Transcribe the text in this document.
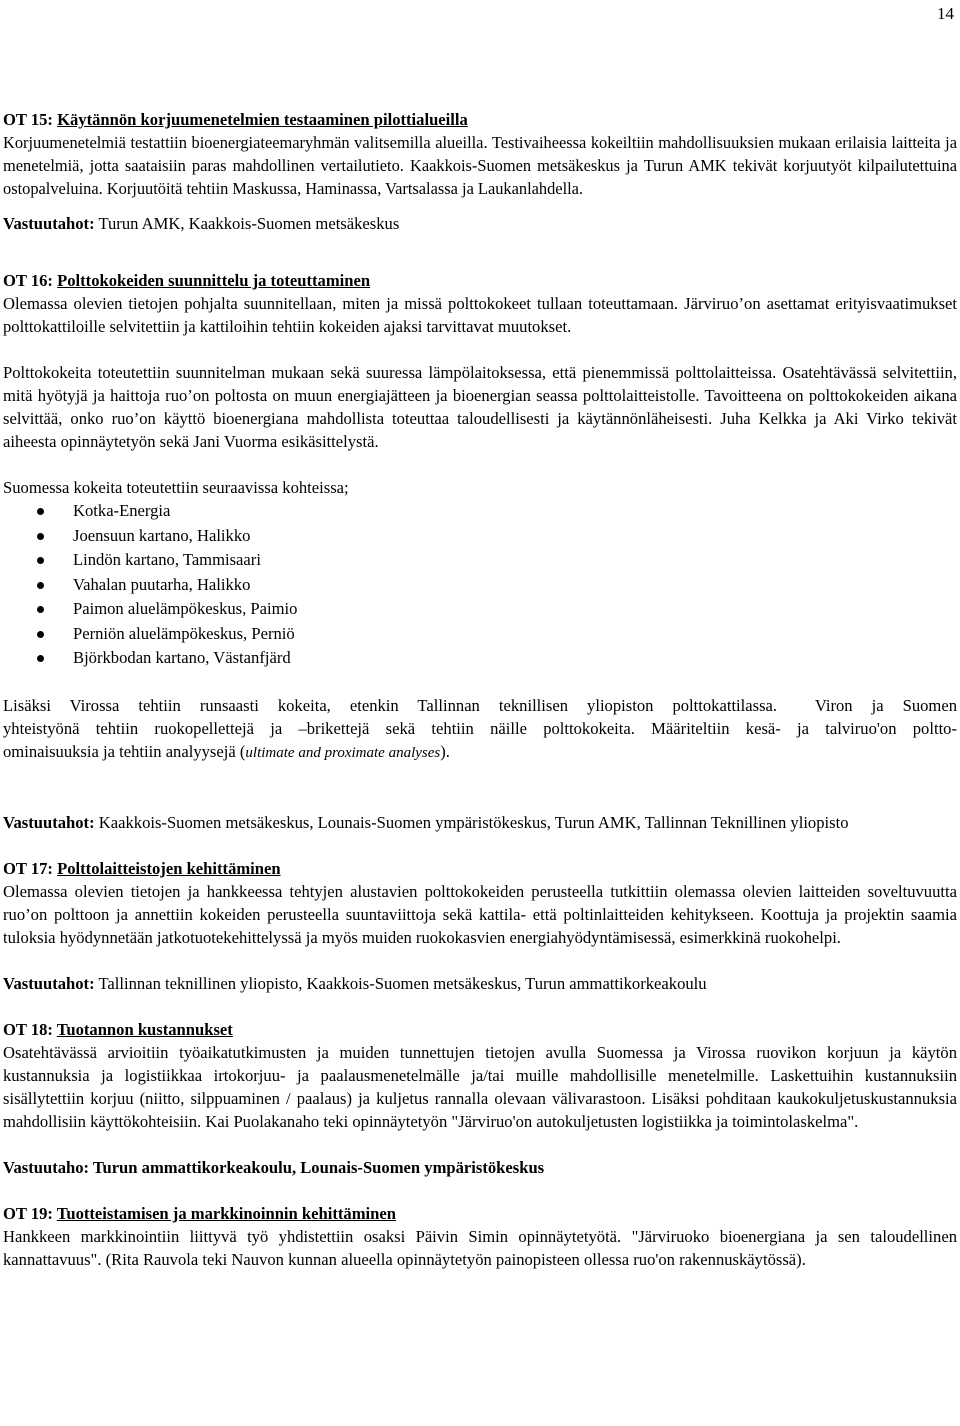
14

OT 15: Käytännön korjuumenetelmien testaaminen pilottialueilla

Korjuumenetelmiä testattiin bioenergiateemaryhmän valitsemilla alueilla. Testivaiheessa kokeiltiin mahdollisuuksien mukaan erilaisia laitteita ja menetelmiä, jotta saataisiin paras mahdollinen vertailutieto. Kaakkois-Suomen metsäkeskus ja Turun AMK tekivät korjuutyöt kilpailutettuina ostopalveluina. Korjuutöitä tehtiin Maskussa, Haminassa, Vartsalassa ja Laukanlahdella.

Vastuutahot: Turun AMK, Kaakkois-Suomen metsäkeskus

OT 16: Polttokokeiden suunnittelu ja toteuttaminen

Olemassa olevien tietojen pohjalta suunnitellaan, miten ja missä polttokokeet tullaan toteuttamaan. Järviruo’on asettamat erityisvaatimukset polttokattiloille selvitettiin ja kattiloihin tehtiin kokeiden ajaksi tarvittavat muutokset.

Polttokokeita toteutettiin suunnitelman mukaan sekä suuressa lämpölaitoksessa, että pienemmissä polttolaitteissa. Osatehtävässä selvitettiin, mitä hyötyjä ja haittoja ruo’on poltosta on muun energiajätteen ja bioenergian seassa polttolaitteistolle. Tavoitteena on polttokokeiden aikana selvittää, onko ruo’on käyttö bioenergiana mahdollista toteuttaa taloudellisesti ja käytännönläheisesti. Juha Kelkka ja Aki Virko tekivät aiheesta opinnäytetyön sekä Jani Vuorma esikäsittelystä.

Suomessa kokeita toteutettiin seuraavissa kohteissa;

Kotka-Energia
Joensuun kartano, Halikko
Lindön kartano, Tammisaari
Vahalan puutarha, Halikko
Paimon aluelämpökeskus, Paimio
Perniön aluelämpökeskus, Perniö
Björkbodan kartano, Västanfjärd

Lisäksi Virossa tehtiin runsaasti kokeita, etenkin Tallinnan teknillisen yliopiston polttokattilassa. Viron ja Suomen

yhteistyönä tehtiin ruokopellettejä ja –brikettejä sekä tehtiin näille polttokokeita. Määriteltiin kesä- ja talviruo'on poltto-

ominaisuuksia ja tehtiin analyysejä (ultimate and proximate analyses).

Vastuutahot: Kaakkois-Suomen metsäkeskus, Lounais-Suomen ympäristökeskus, Turun AMK, Tallinnan Teknillinen yliopisto

OT 17: Polttolaitteistojen kehittäminen

Olemassa olevien tietojen ja hankkeessa tehtyjen alustavien polttokokeiden perusteella tutkittiin olemassa olevien laitteiden soveltuvuutta ruo’on polttoon ja annettiin kokeiden perusteella suuntaviittoja sekä kattila- että poltinlaitteiden kehitykseen. Koottuja ja projektin saamia tuloksia hyödynnetään jatkotuotekehittelyssä ja myös muiden ruokokasvien energiahyödyntämisessä, esimerkkinä ruokohelpi.

Vastuutahot: Tallinnan teknillinen yliopisto, Kaakkois-Suomen metsäkeskus, Turun ammattikorkeakoulu

OT 18: Tuotannon kustannukset

Osatehtävässä arvioitiin työaikatutkimusten ja muiden tunnettujen tietojen avulla Suomessa ja Virossa ruovikon korjuun ja käytön kustannuksia ja logistiikkaa irtokorjuu- ja paalausmenetelmälle ja/tai muille mahdollisille menetelmille. Laskettuihin kustannuksiin sisällytettiin korjuu (niitto, silppuaminen / paalaus) ja kuljetus rannalla olevaan välivarastoon. Lisäksi pohditaan kaukokuljetuskustannuksia mahdollisiin käyttökohteisiin. Kai Puolakanaho teki opinnäytetyön "Järviruo'on autokuljetusten logistiikka ja toimintolaskelma".

Vastuutaho: Turun ammattikorkeakoulu, Lounais-Suomen ympäristökeskus

OT 19: Tuotteistamisen ja markkinoinnin kehittäminen

Hankkeen markkinointiin liittyvä työ yhdistettiin osaksi Päivin Simin opinnäytetyötä. "Järviruoko bioenergiana ja sen taloudellinen kannattavuus". (Rita Rauvola teki Nauvon kunnan alueella opinnäytetyön painopisteen ollessa ruo'on rakennuskäytössä).
